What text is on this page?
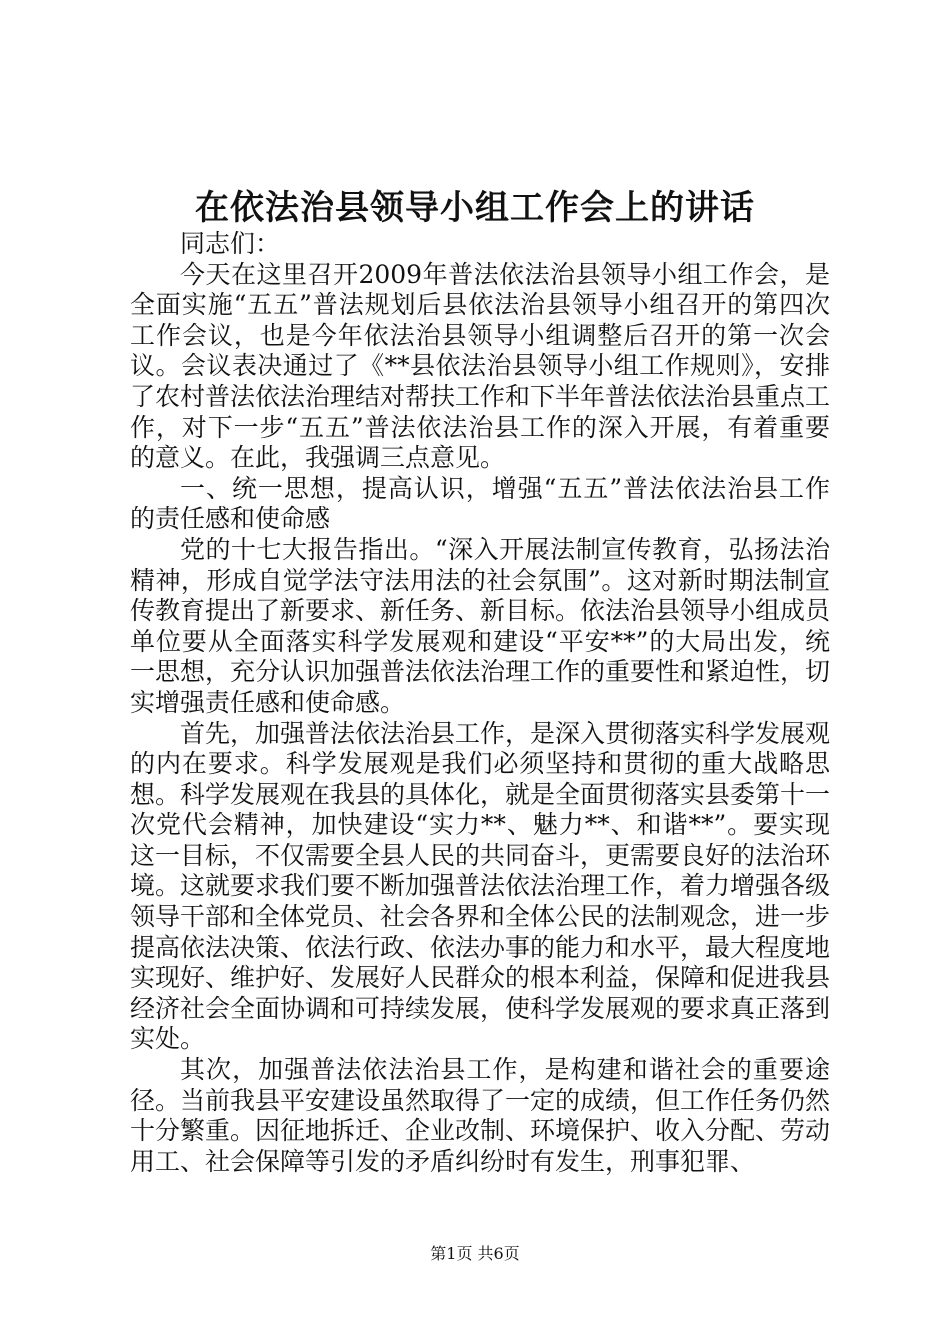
在依法治县领导小组工作会上的讲话

同志们：

今天在这里召开2009年普法依法治县领导小组工作会，是全面实施“五五”普法规划后县依法治县领导小组召开的第四次工作会议，也是今年依法治县领导小组调整后召开的第一次会议。会议表决通过了《**县依法治县领导小组工作规则》，安排了农村普法依法治理结对帮扶工作和下半年普法依法治县重点工作，对下一步“五五”普法依法治县工作的深入开展，有着重要的意义。在此，我强调三点意见。

一、统一思想，提高认识，增强“五五”普法依法治县工作的责任感和使命感

党的十七大报告指出。“深入开展法制宣传教育，弘扬法治精神，形成自觉学法守法用法的社会氛围”。这对新时期法制宣传教育提出了新要求、新任务、新目标。依法治县领导小组成员单位要从全面落实科学发展观和建设“平安**”的大局出发，统一思想，充分认识加强普法依法治理工作的重要性和紧迫性，切实增强责任感和使命感。

首先，加强普法依法治县工作，是深入贯彻落实科学发展观的内在要求。科学发展观是我们必须坚持和贯彻的重大战略思想。科学发展观在我县的具体化，就是全面贯彻落实县委第十一次党代会精神，加快建设“实力**、魅力**、和谐**”。要实现这一目标，不仅需要全县人民的共同奋斗，更需要良好的法治环境。这就要求我们要不断加强普法依法治理工作，着力增强各级领导干部和全体党员、社会各界和全体公民的法制观念，进一步提高依法决策、依法行政、依法办事的能力和水平，最大程度地实现好、维护好、发展好人民群众的根本利益，保障和促进我县经济社会全面协调和可持续发展，使科学发展观的要求真正落到实处。

其次，加强普法依法治县工作，是构建和谐社会的重要途径。当前我县平安建设虽然取得了一定的成绩，但工作任务仍然十分繁重。因征地拆迁、企业改制、环境保护、收入分配、劳动用工、社会保障等引发的矛盾纠纷时有发生，刑事犯罪、

第1页 共6页
